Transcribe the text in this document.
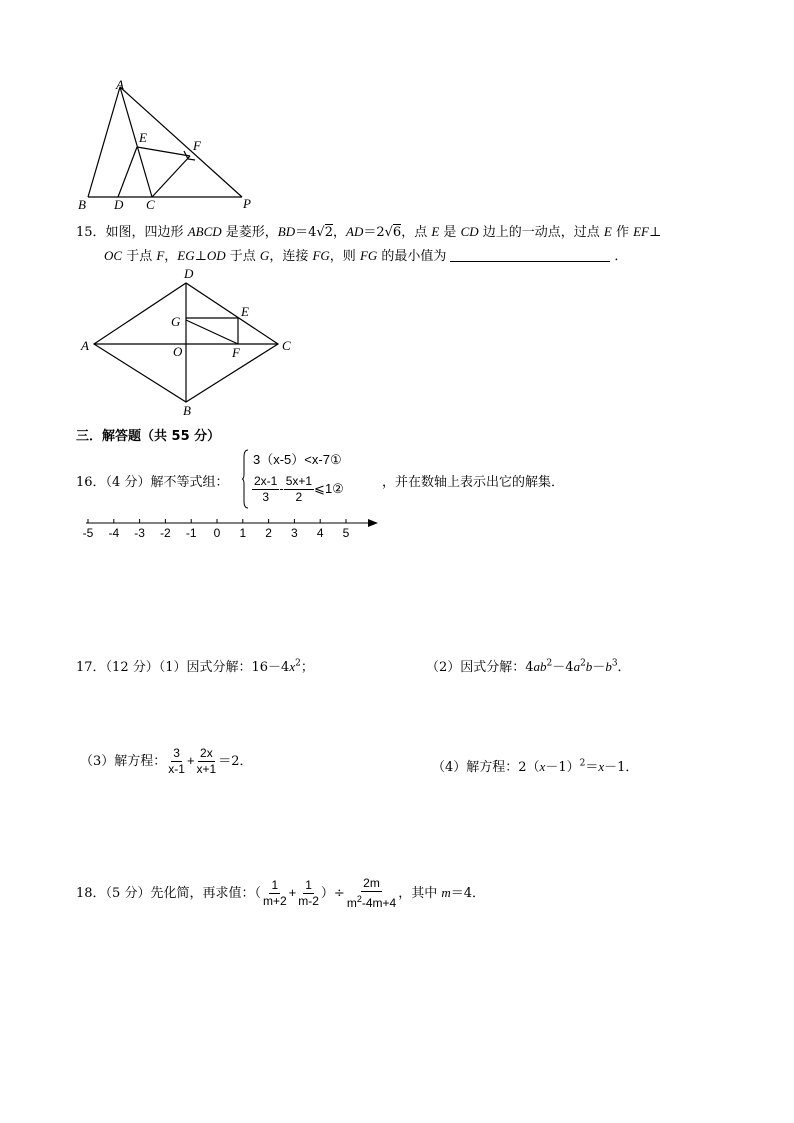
A
B D C
E
F
P
15．如图，四边形 ABCD 是菱形，BD＝4√2，AD＝2√6，点 E 是 CD 边上的一动点，过点 E 作 EF⊥
OC 于点 F，EG⊥OD 于点 G，连接 FG，则 FG 的最小值为	．
D
A	C
B
G
E
O	F
三．解答题（共 55 分）
16．（4 分）解不等式组：
3（x-5）<x-7①
$\frac{2x-1}{3} - \frac{5x+1}{2}$ ⩽1②	，并在数轴上表示出它的解集．
-5 -4 -3 -2 -1 0 1 2 3 4 5
17．（12 分）（1）因式分解：$16-4x^2$；	（2）因式分解：$4ab^2-4a^2b-b^3$．
（3）解方程： $\frac{3}{x-1} + \frac{2x}{x+1} =2$．	（4）解方程：$2(x-1)^2=x-1$．
18．（5 分）先化简，再求值：（ $\frac{1}{m+2} + \frac{1}{m-2}$ ）÷ $\frac{2m}{m^2-4m+4}$ ，其中 m＝4．
